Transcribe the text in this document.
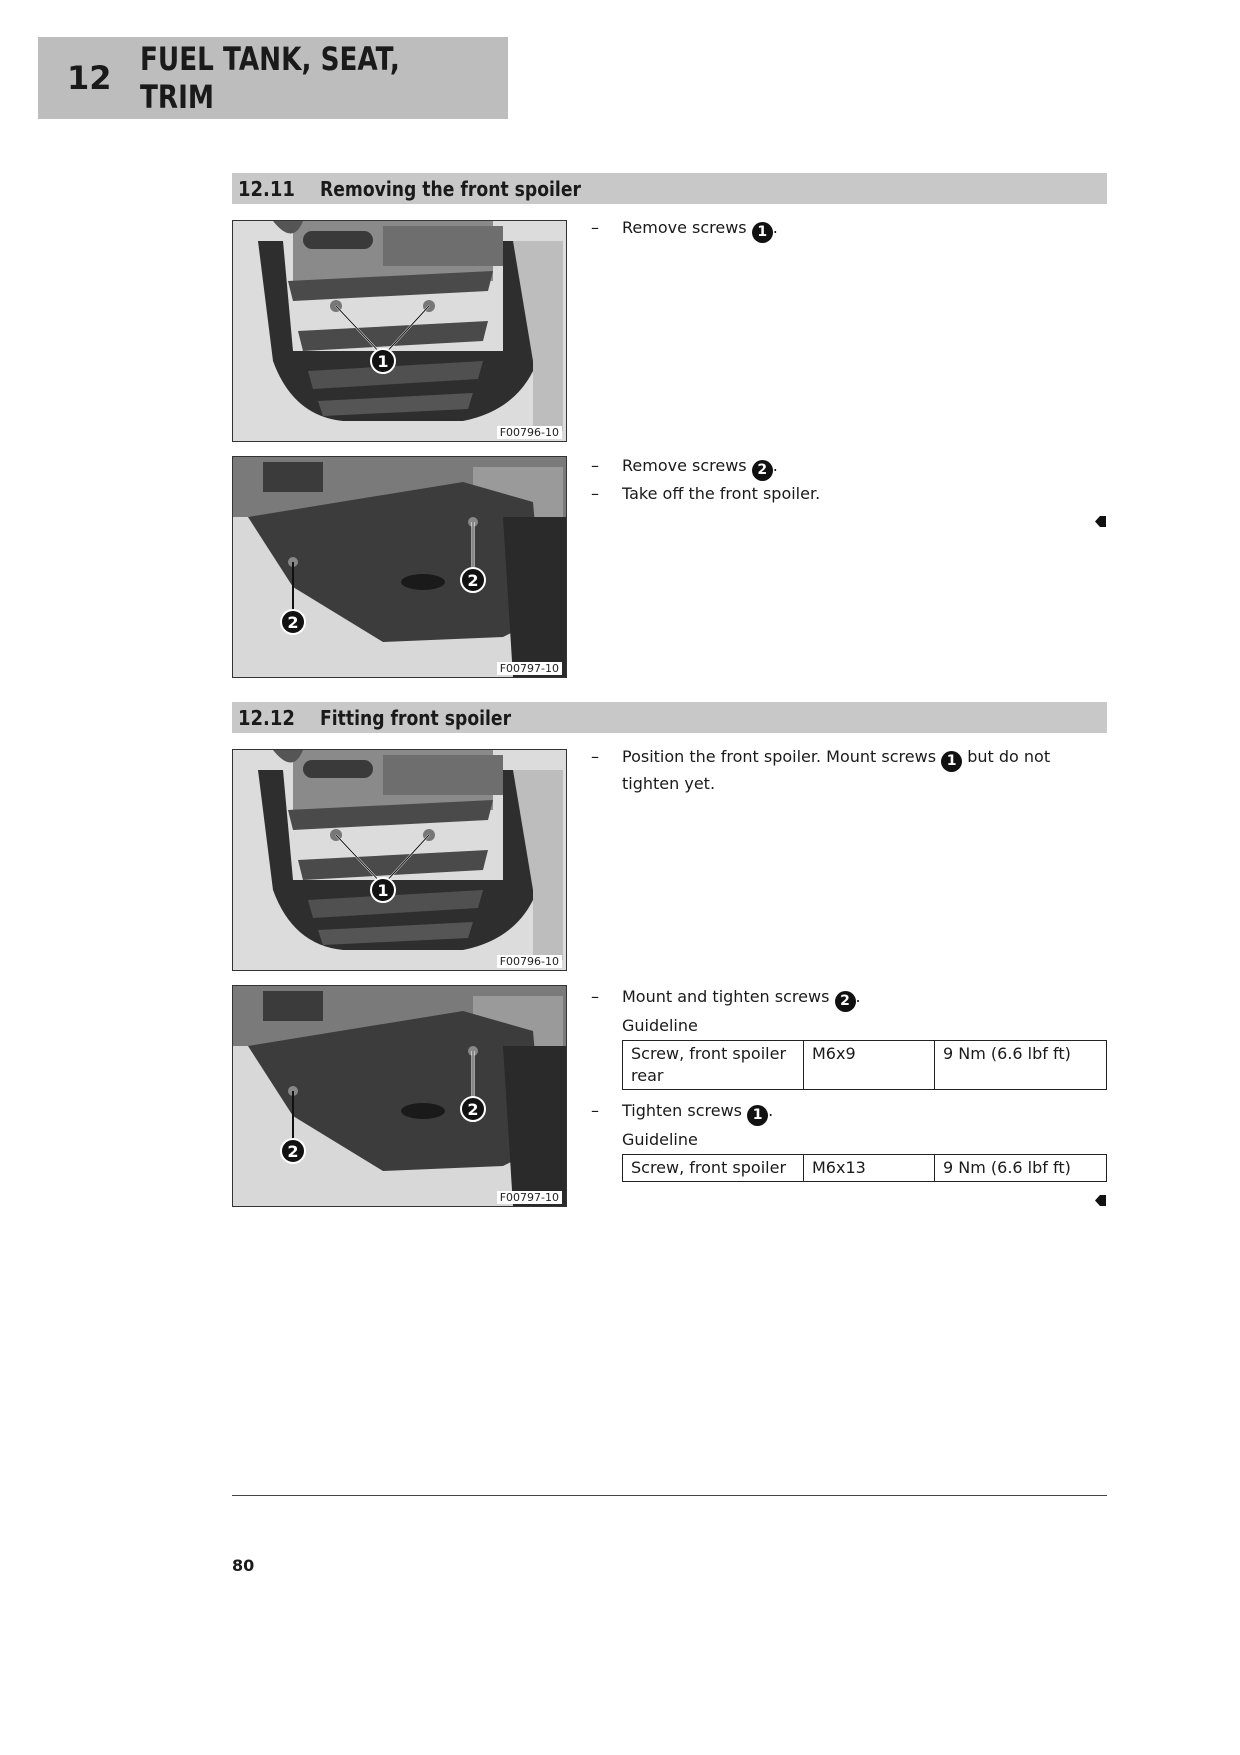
12 FUEL TANK, SEAT, TRIM
12.11	Removing the front spoiler
1
F00796-10
2
2
F00797-10
– Remove screws 1 .
– Remove screws 2 .
– Take off the front spoiler.
12.12	Fitting front spoiler
1
F00796-10
2
2
F00797-10
– Position the front spoiler. Mount screws 1 but do not tighten yet.
– Mount and tighten screws 2 .
Guideline
Screw, front spoiler rear	M6x9	9 Nm (6.6 lbf ft)
– Tighten screws 1 .
Guideline
Screw, front spoiler	M6x13	9 Nm (6.6 lbf ft)
80
